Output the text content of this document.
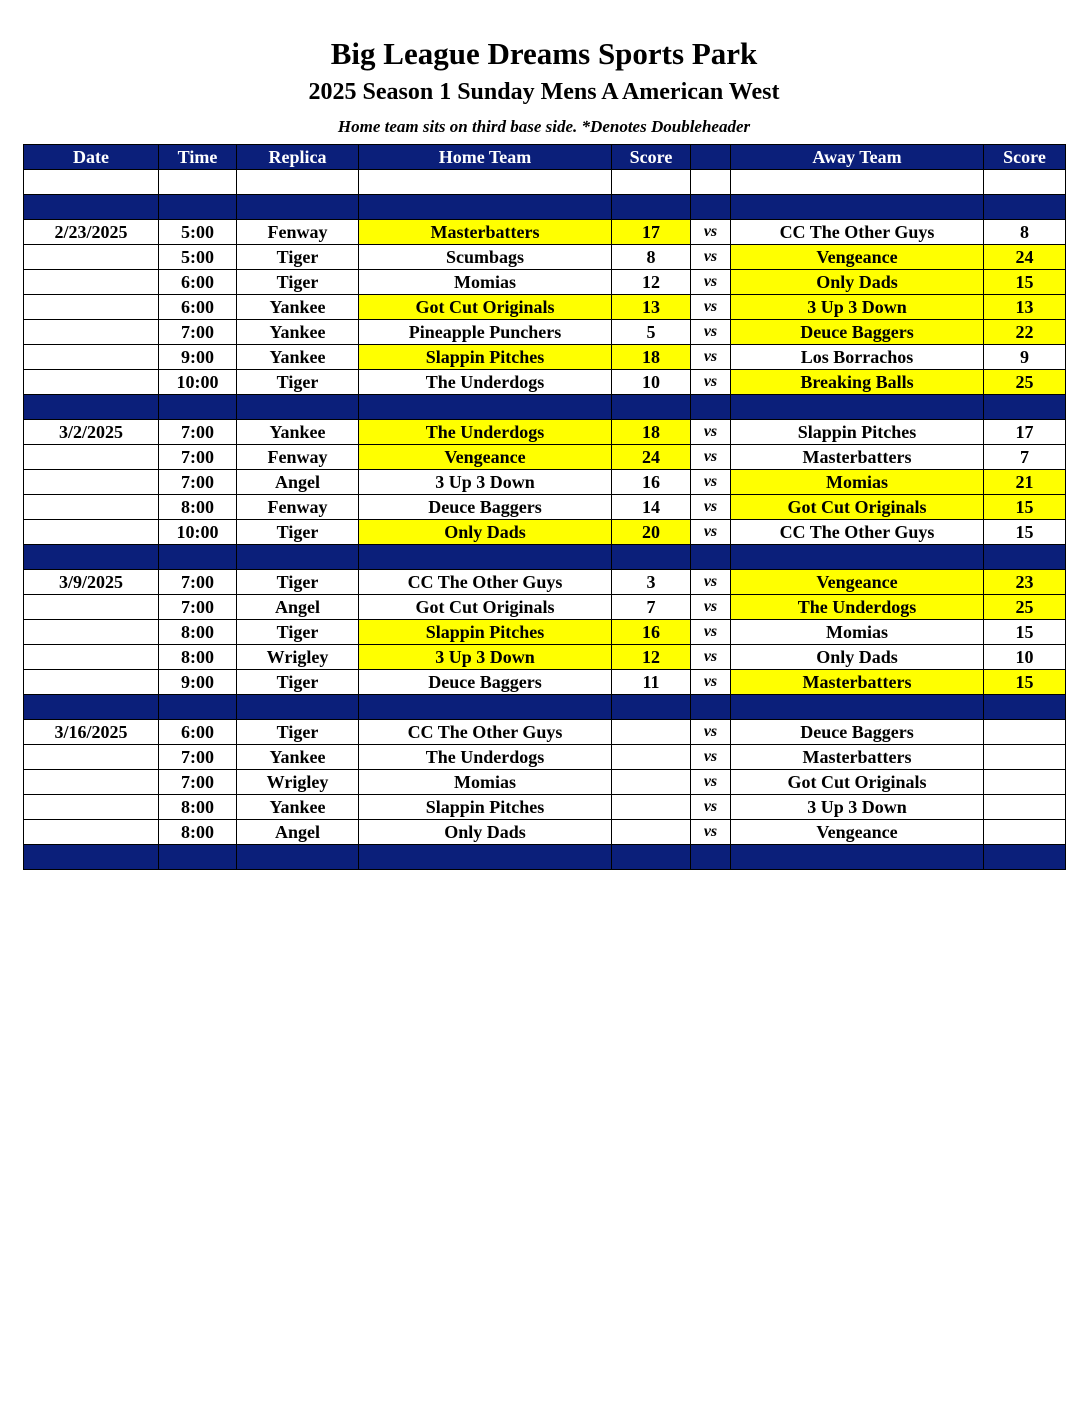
Big League Dreams Sports Park
2025 Season 1 Sunday Mens A American West
Home team sits on third base side. *Denotes Doubleheader
Date	Time	Replica	Home Team	Score		Away Team	Score

2/23/2025	5:00	Fenway	Masterbatters	17	vs	CC The Other Guys	8
	5:00	Tiger	Scumbags	8	vs	Vengeance	24
	6:00	Tiger	Momias	12	vs	Only Dads	15
	6:00	Yankee	Got Cut Originals	13	vs	3 Up 3 Down	13
	7:00	Yankee	Pineapple Punchers	5	vs	Deuce Baggers	22
	9:00	Yankee	Slappin Pitches	18	vs	Los Borrachos	9
	10:00	Tiger	The Underdogs	10	vs	Breaking Balls	25

3/2/2025	7:00	Yankee	The Underdogs	18	vs	Slappin Pitches	17
	7:00	Fenway	Vengeance	24	vs	Masterbatters	7
	7:00	Angel	3 Up 3 Down	16	vs	Momias	21
	8:00	Fenway	Deuce Baggers	14	vs	Got Cut Originals	15
	10:00	Tiger	Only Dads	20	vs	CC The Other Guys	15

3/9/2025	7:00	Tiger	CC The Other Guys	3	vs	Vengeance	23
	7:00	Angel	Got Cut Originals	7	vs	The Underdogs	25
	8:00	Tiger	Slappin Pitches	16	vs	Momias	15
	8:00	Wrigley	3 Up 3 Down	12	vs	Only Dads	10
	9:00	Tiger	Deuce Baggers	11	vs	Masterbatters	15

3/16/2025	6:00	Tiger	CC The Other Guys		vs	Deuce Baggers	
	7:00	Yankee	The Underdogs		vs	Masterbatters	
	7:00	Wrigley	Momias		vs	Got Cut Originals	
	8:00	Yankee	Slappin Pitches		vs	3 Up 3 Down	
	8:00	Angel	Only Dads		vs	Vengeance	
